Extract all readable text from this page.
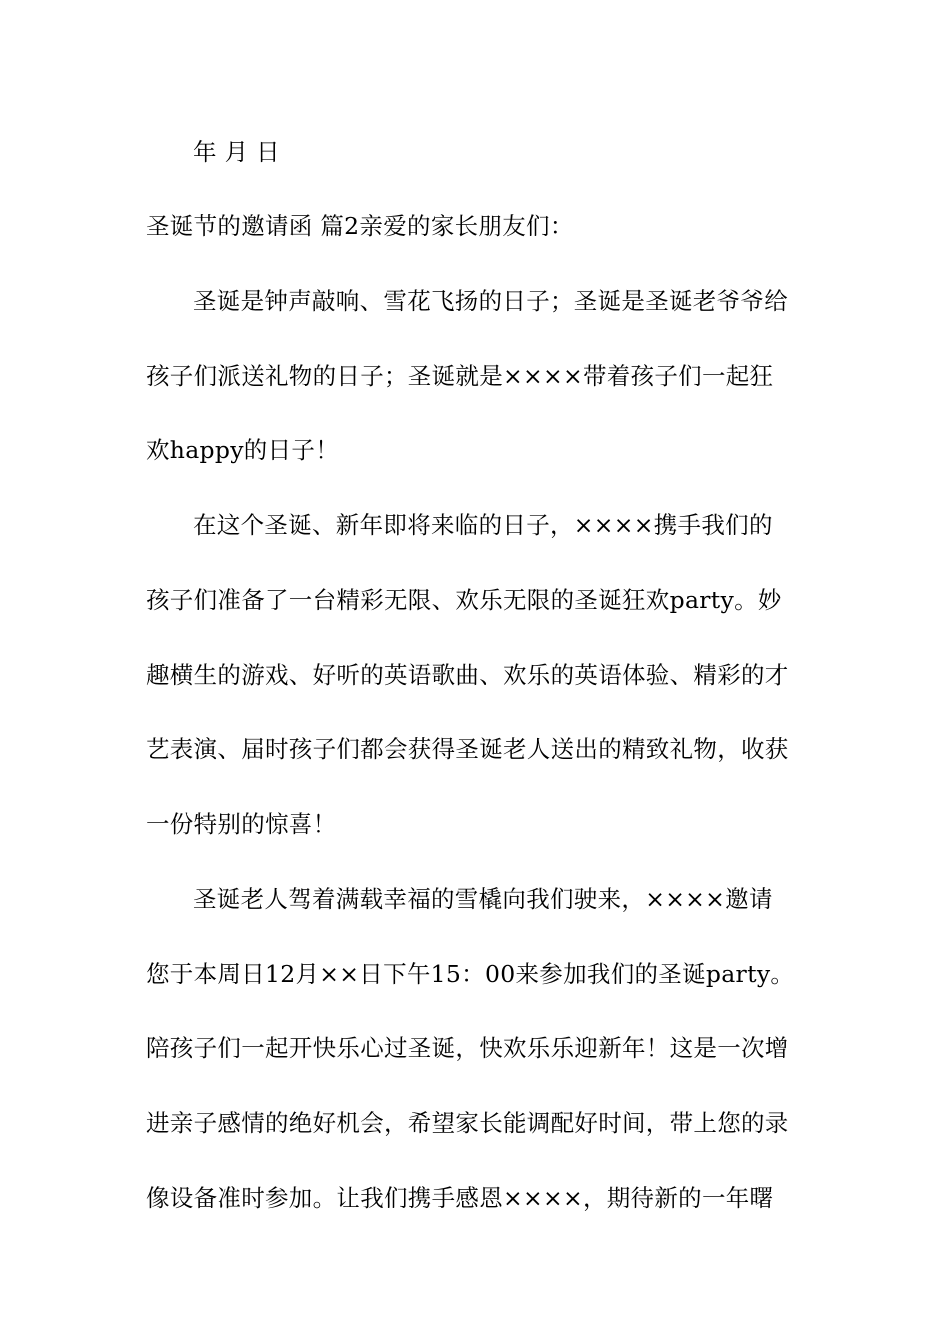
年 月 日
圣诞节的邀请函 篇2亲爱的家长朋友们：
圣诞是钟声敲响、雪花飞扬的日子；圣诞是圣诞老爷爷给
孩子们派送礼物的日子；圣诞就是××××带着孩子们一起狂
欢happy的日子！
在这个圣诞、新年即将来临的日子，××××携手我们的
孩子们准备了一台精彩无限、欢乐无限的圣诞狂欢party。妙
趣横生的游戏、好听的英语歌曲、欢乐的英语体验、精彩的才
艺表演、届时孩子们都会获得圣诞老人送出的精致礼物，收获
一份特别的惊喜！
圣诞老人驾着满载幸福的雪橇向我们驶来，××××邀请
您于本周日12月××日下午15：00来参加我们的圣诞party。
陪孩子们一起开快乐心过圣诞，快欢乐乐迎新年！这是一次增
进亲子感情的绝好机会，希望家长能调配好时间，带上您的录
像设备准时参加。让我们携手感恩××××，期待新的一年曙
